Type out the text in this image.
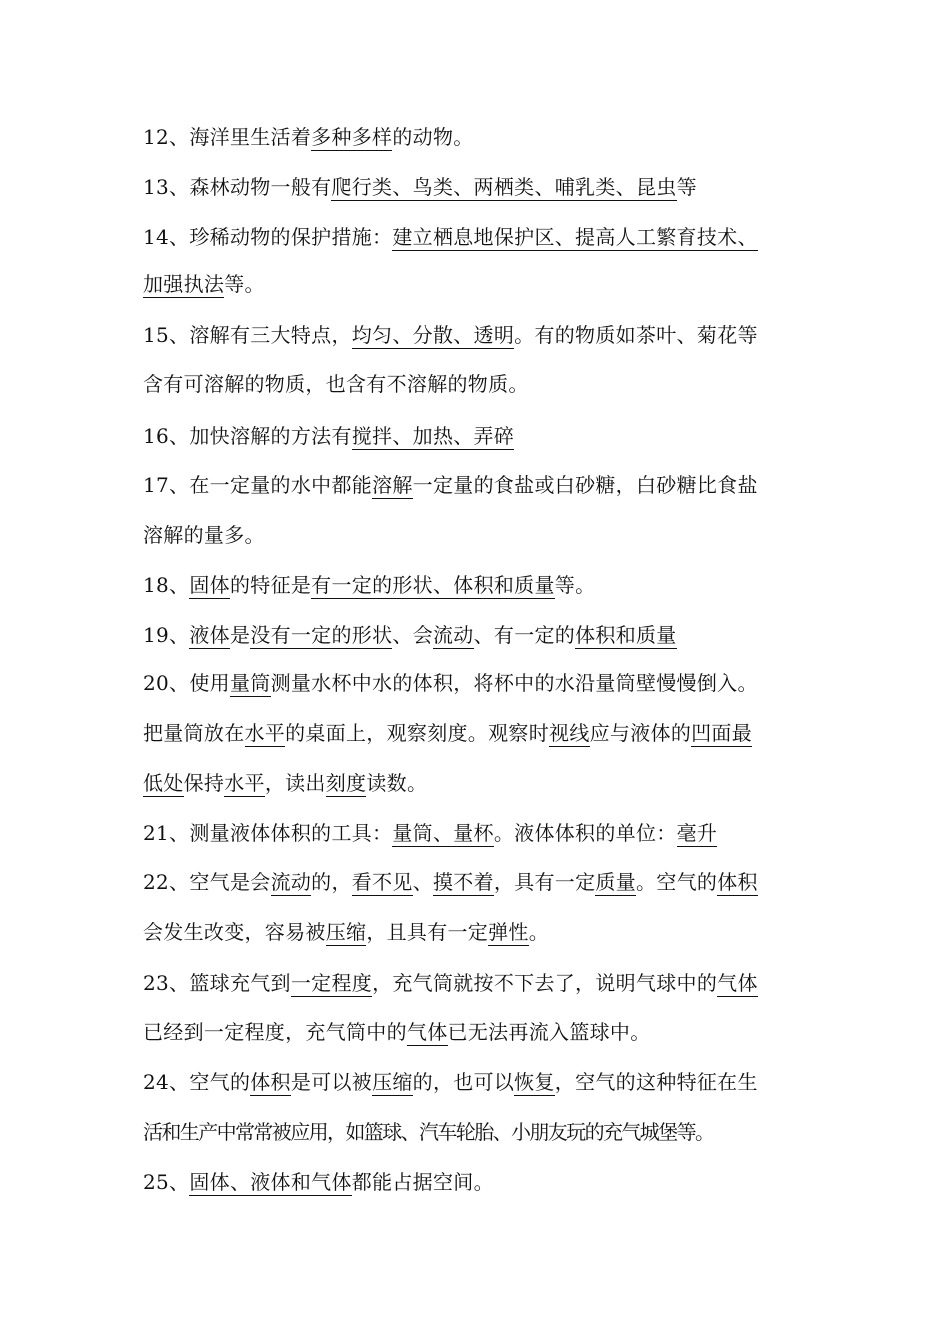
12、海洋里生活着多种多样的动物。
13、森林动物一般有爬行类、鸟类、两栖类、哺乳类、昆虫等
14、珍稀动物的保护措施：建立栖息地保护区、提高人工繁育技术、
加强执法等。
15、溶解有三大特点，均匀、分散、透明。有的物质如茶叶、菊花等
含有可溶解的物质，也含有不溶解的物质。
16、加快溶解的方法有搅拌、加热、弄碎
17、在一定量的水中都能溶解一定量的食盐或白砂糖，白砂糖比食盐
溶解的量多。
18、固体的特征是有一定的形状、体积和质量等。
19、液体是没有一定的形状、会流动、有一定的体积和质量
20、使用量筒测量水杯中水的体积，将杯中的水沿量筒壁慢慢倒入。
把量筒放在水平的桌面上，观察刻度。观察时视线应与液体的凹面最
低处保持水平，读出刻度读数。
21、测量液体体积的工具：量筒、量杯。液体体积的单位：毫升
22、空气是会流动的，看不见、摸不着，具有一定质量。空气的体积
会发生改变，容易被压缩，且具有一定弹性。
23、篮球充气到一定程度，充气筒就按不下去了，说明气球中的气体
已经到一定程度，充气筒中的气体已无法再流入篮球中。
24、空气的体积是可以被压缩的，也可以恢复，空气的这种特征在生
活和生产中常常被应用，如篮球、汽车轮胎、小朋友玩的充气城堡等。
25、固体、液体和气体都能占据空间。
